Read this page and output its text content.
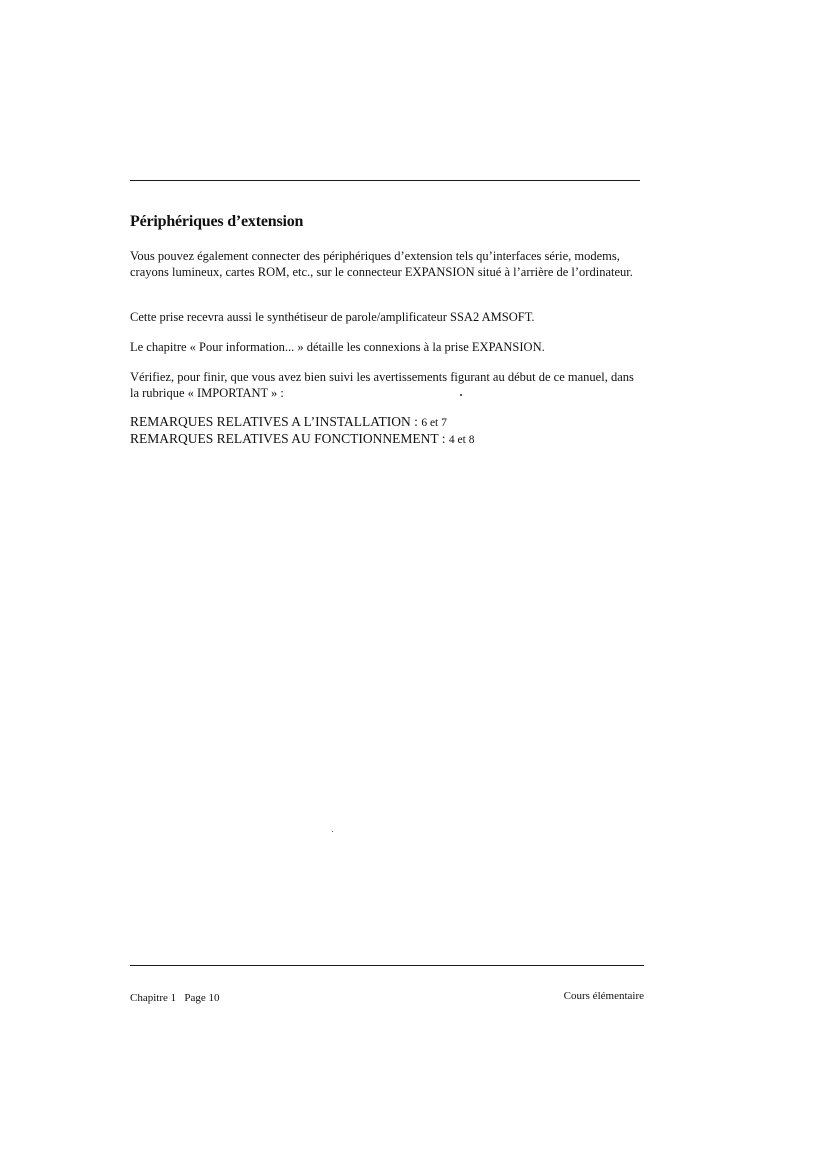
Périphériques d’extension

Vous pouvez également connecter des périphériques d’extension tels qu’interfaces série, modems, crayons lumineux, cartes ROM, etc., sur le connecteur EXPANSION situé à l’arrière de l’ordinateur.

Cette prise recevra aussi le synthétiseur de parole/amplificateur SSA2 AMSOFT.

Le chapitre « Pour information... » détaille les connexions à la prise EXPANSION.

Vérifiez, pour finir, que vous avez bien suivi les avertissements figurant au début de ce manuel, dans la rubrique « IMPORTANT » :

REMARQUES RELATIVES A L’INSTALLATION : 6 et 7
REMARQUES RELATIVES AU FONCTIONNEMENT : 4 et 8
Chapitre 1 Page 10	Cours élémentaire
